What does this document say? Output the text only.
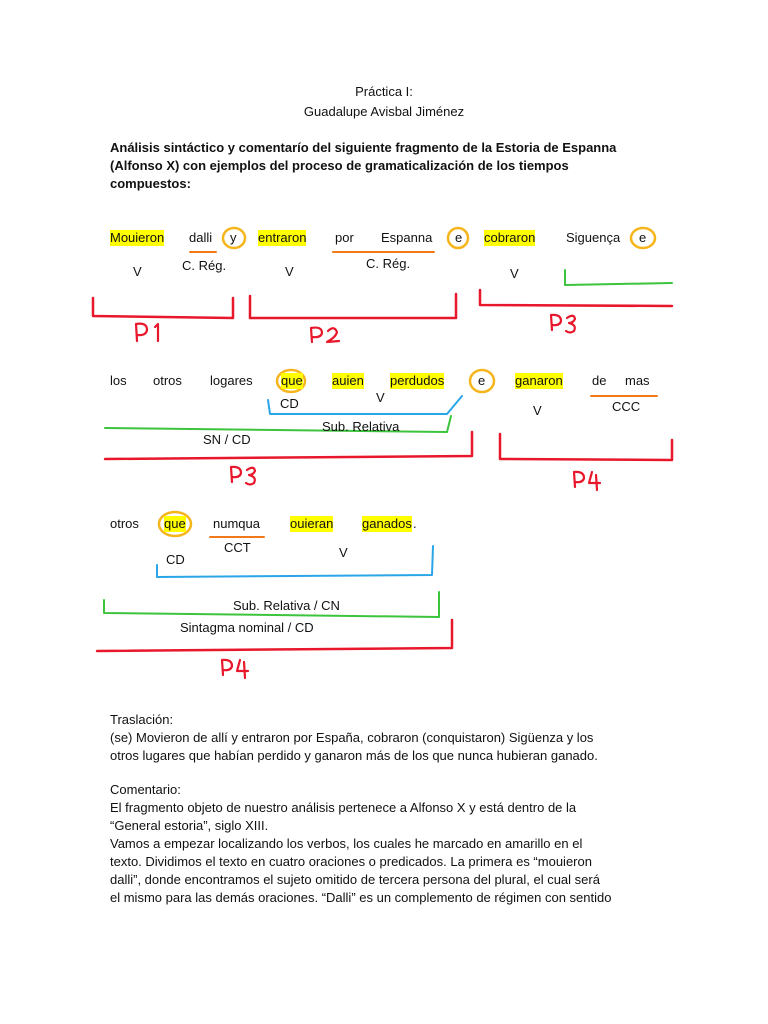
Práctica I:
Guadalupe Avisbal Jiménez
Análisis sintáctico y comentarío del siguiente fragmento de la Estoria de Espanna
(Alfonso X) con ejemplos del proceso de gramaticalización de los tiempos
compuestos:
Mouieron dalli y entraron por Espanna e cobraron Siguença e
V	C. Rég.	V
C. Rég.
V
los otros logares que auien perdudos	e ganaron de mas
CD	V
V	CCC
Sub. Relativa
SN / CD
otros que numqua ouieran ganados .
CCT
CD	V
Sub. Relativa / CN
Sintagma nominal / CD
Traslación:
(se) Movieron de allí y entraron por España, cobraron (conquistaron) Sigüenza y los
otros lugares que habían perdido y ganaron más de los que nunca hubieran ganado.
Comentario:
El fragmento objeto de nuestro análisis pertenece a Alfonso X y está dentro de la
“General estoria”, siglo XIII.
Vamos a empezar localizando los verbos, los cuales he marcado en amarillo en el
texto. Dividimos el texto en cuatro oraciones o predicados. La primera es “mouieron
dalli”, donde encontramos el sujeto omitido de tercera persona del plural, el cual será
el mismo para las demás oraciones. “Dalli” es un complemento de régimen con sentido
